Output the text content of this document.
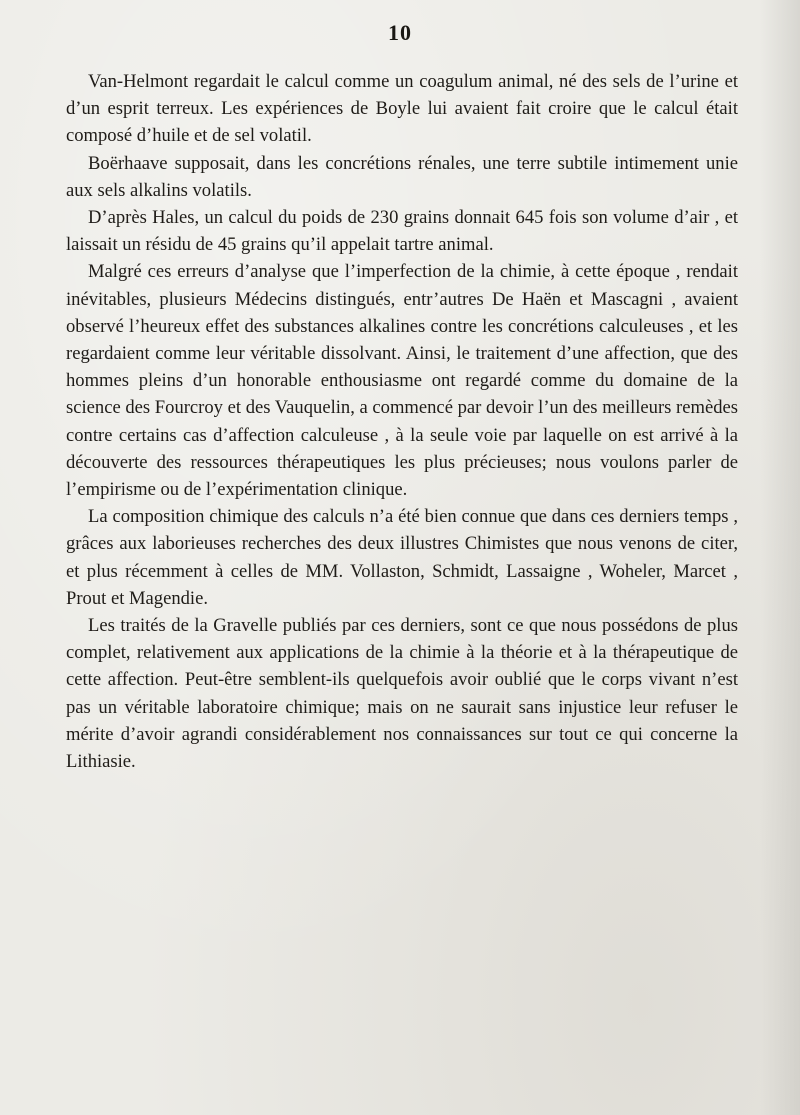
10

Van-Helmont regardait le calcul comme un coagulum animal, né des sels de l’urine et d’un esprit terreux. Les expériences de Boyle lui avaient fait croire que le calcul était composé d’huile et de sel volatil.

Boërhaave supposait, dans les concrétions rénales, une terre subtile intimement unie aux sels alkalins volatils.

D’après Hales, un calcul du poids de 230 grains donnait 645 fois son volume d’air , et laissait un résidu de 45 grains qu’il appelait tartre animal.

Malgré ces erreurs d’analyse que l’imperfection de la chimie, à cette époque , rendait inévitables, plusieurs Médecins distingués, entr’autres De Haën et Mascagni , avaient observé l’heureux effet des substances alkalines contre les concrétions calculeuses , et les regardaient comme leur véritable dissolvant. Ainsi, le traitement d’une affection, que des hommes pleins d’un honorable enthousiasme ont regardé comme du domaine de la science des Fourcroy et des Vauquelin, a commencé par devoir l’un des meilleurs remèdes contre certains cas d’affection calculeuse , à la seule voie par laquelle on est arrivé à la découverte des ressources thérapeutiques les plus précieuses; nous voulons parler de l’empirisme ou de l’expérimentation clinique.

La composition chimique des calculs n’a été bien connue que dans ces derniers temps , grâces aux laborieuses recherches des deux illustres Chimistes que nous venons de citer, et plus récemment à celles de MM. Vollaston, Schmidt, Lassaigne , Woheler, Marcet , Prout et Magendie.

Les traités de la Gravelle publiés par ces derniers, sont ce que nous possédons de plus complet, relativement aux applications de la chimie à la théorie et à la thérapeutique de cette affection. Peut-être semblent-ils quelquefois avoir oublié que le corps vivant n’est pas un véritable laboratoire chimique; mais on ne saurait sans injustice leur refuser le mérite d’avoir agrandi considérablement nos connaissances sur tout ce qui concerne la Lithiasie.
